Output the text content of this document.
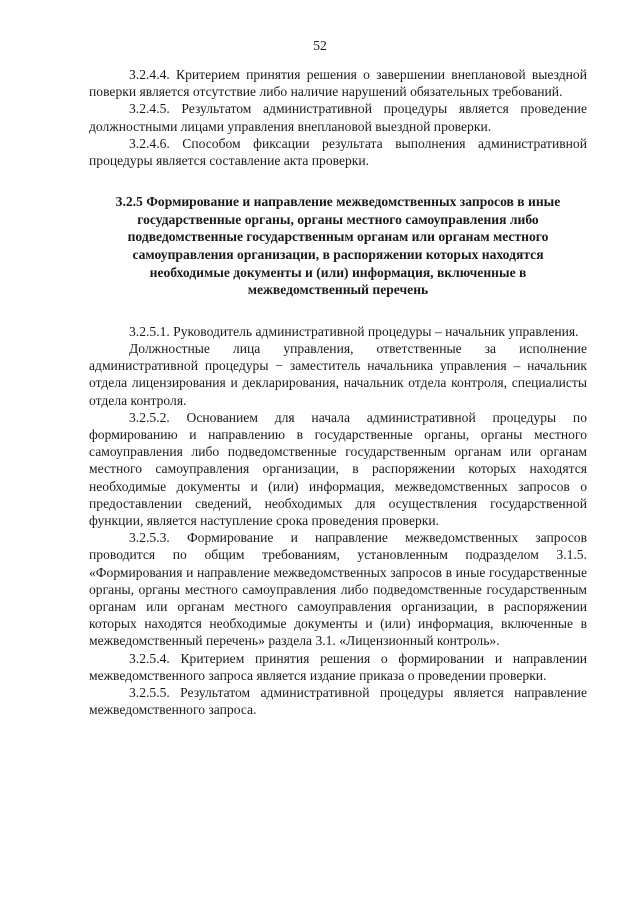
52

3.2.4.4. Критерием принятия решения о завершении внеплановой выездной поверки является отсутствие либо наличие нарушений обязательных требований.

3.2.4.5. Результатом административной процедуры является проведение должностными лицами управления внеплановой выездной проверки.

3.2.4.6. Способом фиксации результата выполнения административной процедуры является составление акта проверки.

3.2.5 Формирование и направление межведомственных запросов в иные государственные органы, органы местного самоуправления либо подведомственные государственным органам или органам местного самоуправления организации, в распоряжении которых находятся необходимые документы и (или) информация, включенные в межведомственный перечень

3.2.5.1. Руководитель административной процедуры – начальник управления.

Должностные лица управления, ответственные за исполнение административной процедуры − заместитель начальника управления – начальник отдела лицензирования и декларирования, начальник отдела контроля, специалисты отдела контроля.

3.2.5.2. Основанием для начала административной процедуры по формированию и направлению в государственные органы, органы местного самоуправления либо подведомственные государственным органам или органам местного самоуправления организации, в распоряжении которых находятся необходимые документы и (или) информация, межведомственных запросов о предоставлении сведений, необходимых для осуществления государственной функции, является наступление срока проведения проверки.

3.2.5.3. Формирование и направление межведомственных запросов проводится по общим требованиям, установленным подразделом 3.1.5. «Формирования и направление межведомственных запросов в иные государственные органы, органы местного самоуправления либо подведомственные государственным органам или органам местного самоуправления организации, в распоряжении которых находятся необходимые документы и (или) информация, включенные в межведомственный перечень» раздела 3.1. «Лицензионный контроль».

3.2.5.4. Критерием принятия решения о формировании и направлении межведомственного запроса является издание приказа о проведении проверки.

3.2.5.5. Результатом административной процедуры является направление межведомственного запроса.
